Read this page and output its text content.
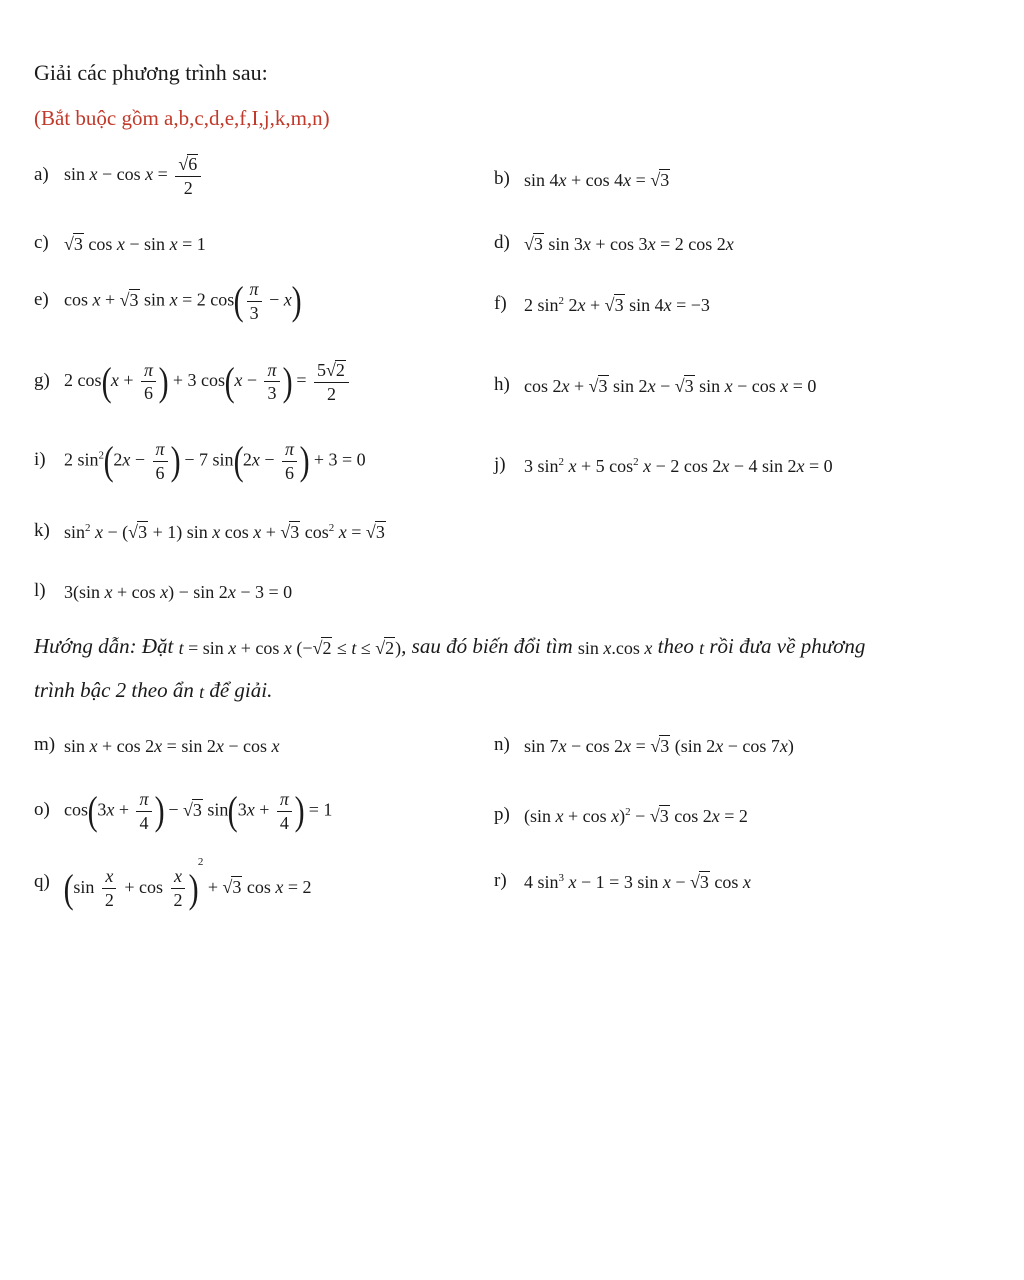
Giải các phương trình sau:
(Bắt buộc gồm a,b,c,d,e,f,I,j,k,m,n)
a) $\sin x - \cos x = \frac{√6}{2}$	b) sin 4x + cos 4x = √3
c) √3 cos x − sin x = 1	d) √3 sin 3x + cos 3x = 2 cos 2x
e) cos x + √3 sin x = 2 $\cos( \frac{\pi}{3} - x)$	f) 2 $\sin^2 2x + √3$ sin 4x = −3
g) 2 $\cos(x + \frac{\pi}{6}$ ) + 3 $\cos(x - \frac{\pi}{3}$ ) = $\frac{5√2}{2}$	h) cos 2x + √3 sin 2x − √3 sin x − cos x = 0
i) 2 $\sin^2(2x - \frac{\pi}{6}$ ) − 7 $\sin(2x - \frac{\pi}{6}$ ) + 3 = 0	j) 3 $\sin^2 x + 5$ $\cos^2 x - 2$ cos 2x − 4 sin 2x = 0
k) $\sin^2 x - (√3 + 1)$ sin x cos x + √3 $\cos^2 x = √3$
l) 3(sin x + cos x) − sin 2x − 3 = 0
Hướng dẫn: Đặt t = sin x + cos x (−√2 ≤ t ≤ √2), sau đó biến đổi tìm sin x.cos x theo t rồi đưa về phương
trình bậc 2 theo ẩn t để giải.
m) sin x + cos 2x = sin 2x − cos x	n) sin 7x − cos 2x = √3 (sin 2x − cos 7x)
o) $\cos(3x + \frac{\pi}{4}$ ) − √3 $\sin(3x + \frac{\pi}{4}$ ) = 1	p) (sin x + cos x)$^2$ − √3 cos 2x = 2
q) $(\sin \frac{x}{2} + \cos \frac{x}{2} )^2 + √3$ cos x = 2	r) 4 $\sin^3 x - 1 = 3$ sin x − √3 cos x
